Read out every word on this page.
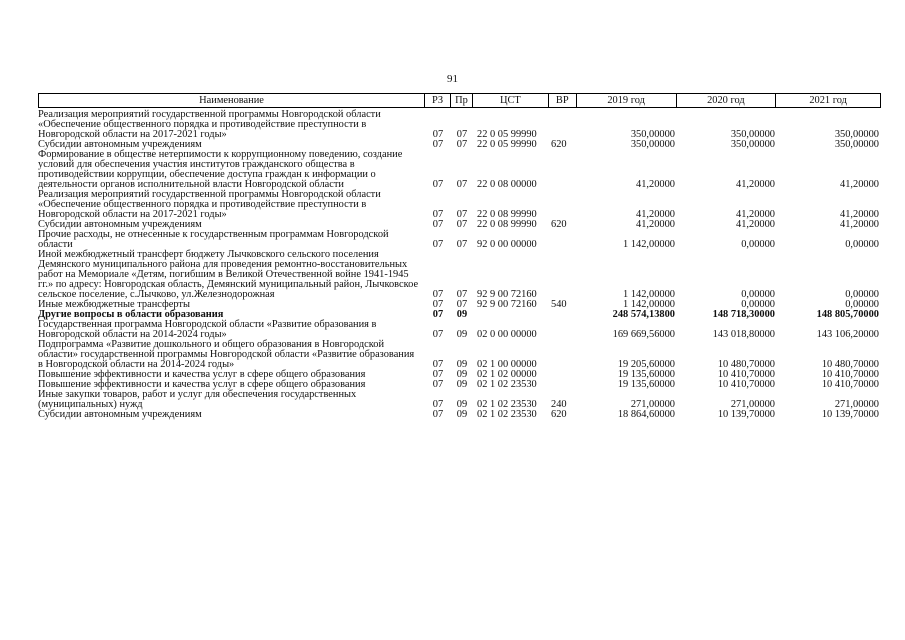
91
Наименование	РЗ	Пр	ЦСТ	ВР	2019 год	2020 год	2021 год
Реализация мероприятий государственной программы Новгородской области «Обеспечение общественного порядка и противодействие преступности в Новгородской области на 2017-2021 годы»	07	07 22 0 05 99990	350,00000	350,00000	350,00000
Субсидии автономным учреждениям	07	07 22 0 05 99990	620	350,00000	350,00000	350,00000
Формирование в обществе нетерпимости к коррупционному поведению, создание условий для обеспечения участия институтов гражданского общества в противодействии коррупции, обеспечение доступа граждан к информации о деятельности органов исполнительной власти Новгородской области	07	07 22 0 08 00000	41,20000	41,20000	41,20000
Реализация мероприятий государственной программы Новгородской области «Обеспечение общественного порядка и противодействие преступности в Новгородской области на 2017-2021 годы»	07	07 22 0 08 99990	41,20000	41,20000	41,20000
Субсидии автономным учреждениям	07	07 22 0 08 99990	620	41,20000	41,20000	41,20000
Прочие расходы, не отнесенные к государственным программам Новгородской области	07	07 92 0 00 00000	1 142,00000	0,00000	0,00000
Иной межбюджетный трансферт бюджету Лычковского сельского поселения Демянского муниципального района для проведения ремонтно-восстановительных работ на Мемориале «Детям, погибшим в Великой Отечественной войне 1941-1945 гг.» по адресу: Новгородская область, Демянский муниципальный район, Лычковское сельское поселение, с.Лычково, ул.Железнодорожная	07	07 92 9 00 72160	1 142,00000	0,00000	0,00000
Иные межбюджетные трансферты	07	07 92 9 00 72160	540	1 142,00000	0,00000	0,00000
Другие вопросы в области образования	07	09	248 574,13800	148 718,30000	148 805,70000
Государственная программа Новгородской области «Развитие образования в Новгородской области на 2014-2024 годы»	07	09 02 0 00 00000	169 669,56000	143 018,80000	143 106,20000
Подпрограмма «Развитие дошкольного и общего образования в Новгородской области» государственной программы Новгородской области «Развитие образования в Новгородской области на 2014-2024 годы»	07	09 02 1 00 00000	19 205,60000	10 480,70000	10 480,70000
Повышение эффективности и качества услуг в сфере общего образования	07	09 02 1 02 00000	19 135,60000	10 410,70000	10 410,70000
Повышение эффективности и качества услуг в сфере общего образования	07	09 02 1 02 23530	19 135,60000	10 410,70000	10 410,70000
Иные закупки товаров, работ и услуг для обеспечения государственных (муниципальных) нужд	07	09 02 1 02 23530	240	271,00000	271,00000	271,00000
Субсидии автономным учреждениям	07	09 02 1 02 23530	620	18 864,60000	10 139,70000	10 139,70000
